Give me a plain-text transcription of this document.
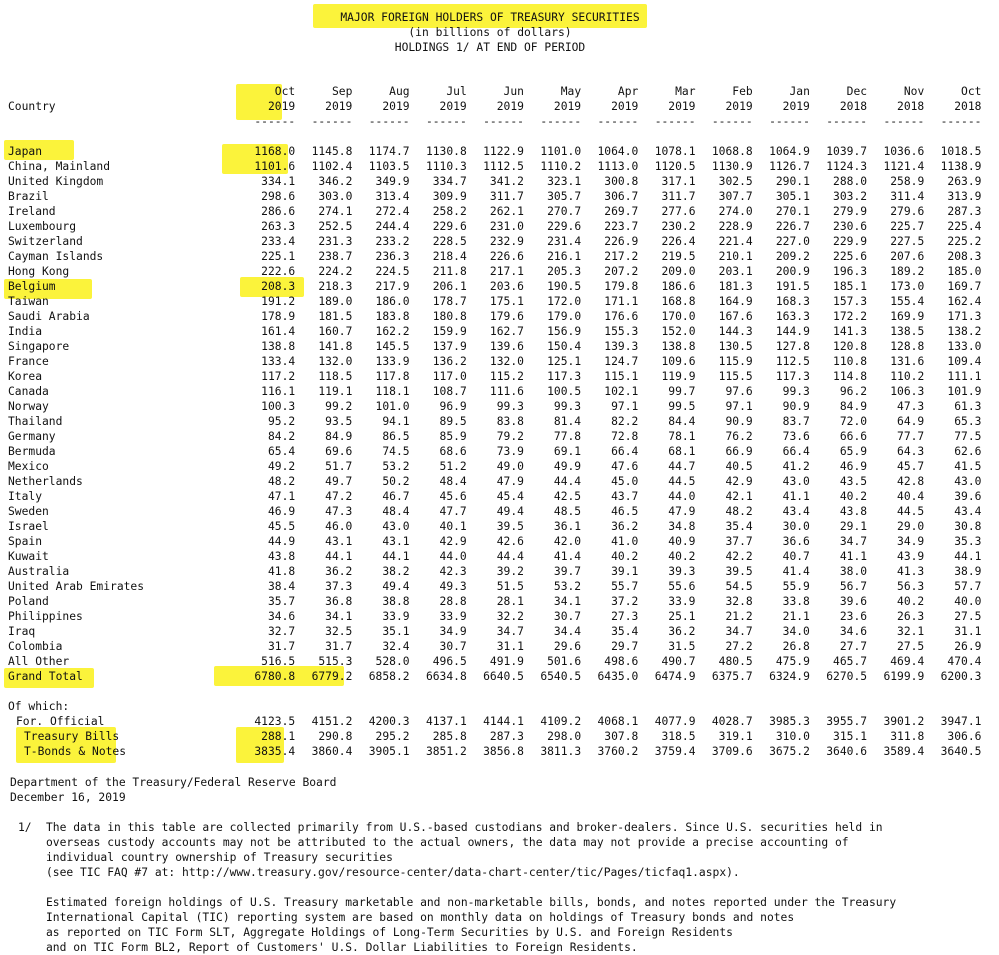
MAJOR FOREIGN HOLDERS OF TREASURY SECURITIES
(in billions of dollars)
HOLDINGS 1/ AT END OF PERIOD
	Oct	Sep	Aug	Jul	Jun	May	Apr	Mar	Feb	Jan	Dec	Nov	Oct
Country	2019	2019	2019	2019	2019	2019	2019	2019	2019	2019	2018	2018	2018
	------	------	------	------	------	------	------	------	------	------	------	------	------

Japan	1168.0	1145.8	1174.7	1130.8	1122.9	1101.0	1064.0	1078.1	1068.8	1064.9	1039.7	1036.6	1018.5
China, Mainland	1101.6	1102.4	1103.5	1110.3	1112.5	1110.2	1113.0	1120.5	1130.9	1126.7	1124.3	1121.4	1138.9
United Kingdom	334.1	346.2	349.9	334.7	341.2	323.1	300.8	317.1	302.5	290.1	288.0	258.9	263.9
Brazil	298.6	303.0	313.4	309.9	311.7	305.7	306.7	311.7	307.7	305.1	303.2	311.4	313.9
Ireland	286.6	274.1	272.4	258.2	262.1	270.7	269.7	277.6	274.0	270.1	279.9	279.6	287.3
Luxembourg	263.3	252.5	244.4	229.6	231.0	229.6	223.7	230.2	228.9	226.7	230.6	225.7	225.4
Switzerland	233.4	231.3	233.2	228.5	232.9	231.4	226.9	226.4	221.4	227.0	229.9	227.5	225.2
Cayman Islands	225.1	238.7	236.3	218.4	226.6	216.1	217.2	219.5	210.1	209.2	225.6	207.6	208.3
Hong Kong	222.6	224.2	224.5	211.8	217.1	205.3	207.2	209.0	203.1	200.9	196.3	189.2	185.0
Belgium	208.3	218.3	217.9	206.1	203.6	190.5	179.8	186.6	181.3	191.5	185.1	173.0	169.7
Taiwan	191.2	189.0	186.0	178.7	175.1	172.0	171.1	168.8	164.9	168.3	157.3	155.4	162.4
Saudi Arabia	178.9	181.5	183.8	180.8	179.6	179.0	176.6	170.0	167.6	163.3	172.2	169.9	171.3
India	161.4	160.7	162.2	159.9	162.7	156.9	155.3	152.0	144.3	144.9	141.3	138.5	138.2
Singapore	138.8	141.8	145.5	137.9	139.6	150.4	139.3	138.8	130.5	127.8	120.8	128.8	133.0
France	133.4	132.0	133.9	136.2	132.0	125.1	124.7	109.6	115.9	112.5	110.8	131.6	109.4
Korea	117.2	118.5	117.8	117.0	115.2	117.3	115.1	119.9	115.5	117.3	114.8	110.2	111.1
Canada	116.1	119.1	118.1	108.7	111.6	100.5	102.1	99.7	97.6	99.3	96.2	106.3	101.9
Norway	100.3	99.2	101.0	96.9	99.3	99.3	97.1	99.5	97.1	90.9	84.9	47.3	61.3
Thailand	95.2	93.5	94.1	89.5	83.8	81.4	82.2	84.4	90.9	83.7	72.0	64.9	65.3
Germany	84.2	84.9	86.5	85.9	79.2	77.8	72.8	78.1	76.2	73.6	66.6	77.7	77.5
Bermuda	65.4	69.6	74.5	68.6	73.9	69.1	66.4	68.1	66.9	66.4	65.9	64.3	62.6
Mexico	49.2	51.7	53.2	51.2	49.0	49.9	47.6	44.7	40.5	41.2	46.9	45.7	41.5
Netherlands	48.2	49.7	50.2	48.4	47.9	44.4	45.0	44.5	42.9	43.0	43.5	42.8	43.0
Italy	47.1	47.2	46.7	45.6	45.4	42.5	43.7	44.0	42.1	41.1	40.2	40.4	39.6
Sweden	46.9	47.3	48.4	47.7	49.4	48.5	46.5	47.9	48.2	43.4	43.8	44.5	43.4
Israel	45.5	46.0	43.0	40.1	39.5	36.1	36.2	34.8	35.4	30.0	29.1	29.0	30.8
Spain	44.9	43.1	43.1	42.9	42.6	42.0	41.0	40.9	37.7	36.6	34.7	34.9	35.3
Kuwait	43.8	44.1	44.1	44.0	44.4	41.4	40.2	40.2	42.2	40.7	41.1	43.9	44.1
Australia	41.8	36.2	38.2	42.3	39.2	39.7	39.1	39.3	39.5	41.4	38.0	41.3	38.9
United Arab Emirates	38.4	37.3	49.4	49.3	51.5	53.2	55.7	55.6	54.5	55.9	56.7	56.3	57.7
Poland	35.7	36.8	38.8	28.8	28.1	34.1	37.2	33.9	32.8	33.8	39.6	40.2	40.0
Philippines	34.6	34.1	33.9	33.9	32.2	30.7	27.3	25.1	21.2	21.1	23.6	26.3	27.5
Iraq	32.7	32.5	35.1	34.9	34.7	34.4	35.4	36.2	34.7	34.0	34.6	32.1	31.1
Colombia	31.7	31.7	32.4	30.7	31.1	29.6	29.7	31.5	27.2	26.8	27.7	27.5	26.9
All Other	516.5	515.3	528.0	496.5	491.9	501.6	498.6	490.7	480.5	475.9	465.7	469.4	470.4
Grand Total	6780.8	6779.2	6858.2	6634.8	6640.5	6540.5	6435.0	6474.9	6375.7	6324.9	6270.5	6199.9	6200.3

Of which:													
For. Official	4123.5	4151.2	4200.3	4137.1	4144.1	4109.2	4068.1	4077.9	4028.7	3985.3	3955.7	3901.2	3947.1
Treasury Bills	288.1	290.8	295.2	285.8	287.3	298.0	307.8	318.5	319.1	310.0	315.1	311.8	306.6
T-Bonds & Notes	3835.4	3860.4	3905.1	3851.2	3856.8	3811.3	3760.2	3759.4	3709.6	3675.2	3640.6	3589.4	3640.5
Department of the Treasury/Federal Reserve Board
December 16, 2019
1/ The data in this table are collected primarily from U.S.-based custodians and broker-dealers. Since U.S. securities held in
overseas custody accounts may not be attributed to the actual owners, the data may not provide a precise accounting of
individual country ownership of Treasury securities
(see TIC FAQ #7 at: http://www.treasury.gov/resource-center/data-chart-center/tic/Pages/ticfaq1.aspx).
Estimated foreign holdings of U.S. Treasury marketable and non-marketable bills, bonds, and notes reported under the Treasury
International Capital (TIC) reporting system are based on monthly data on holdings of Treasury bonds and notes
as reported on TIC Form SLT, Aggregate Holdings of Long-Term Securities by U.S. and Foreign Residents
and on TIC Form BL2, Report of Customers' U.S. Dollar Liabilities to Foreign Residents.
